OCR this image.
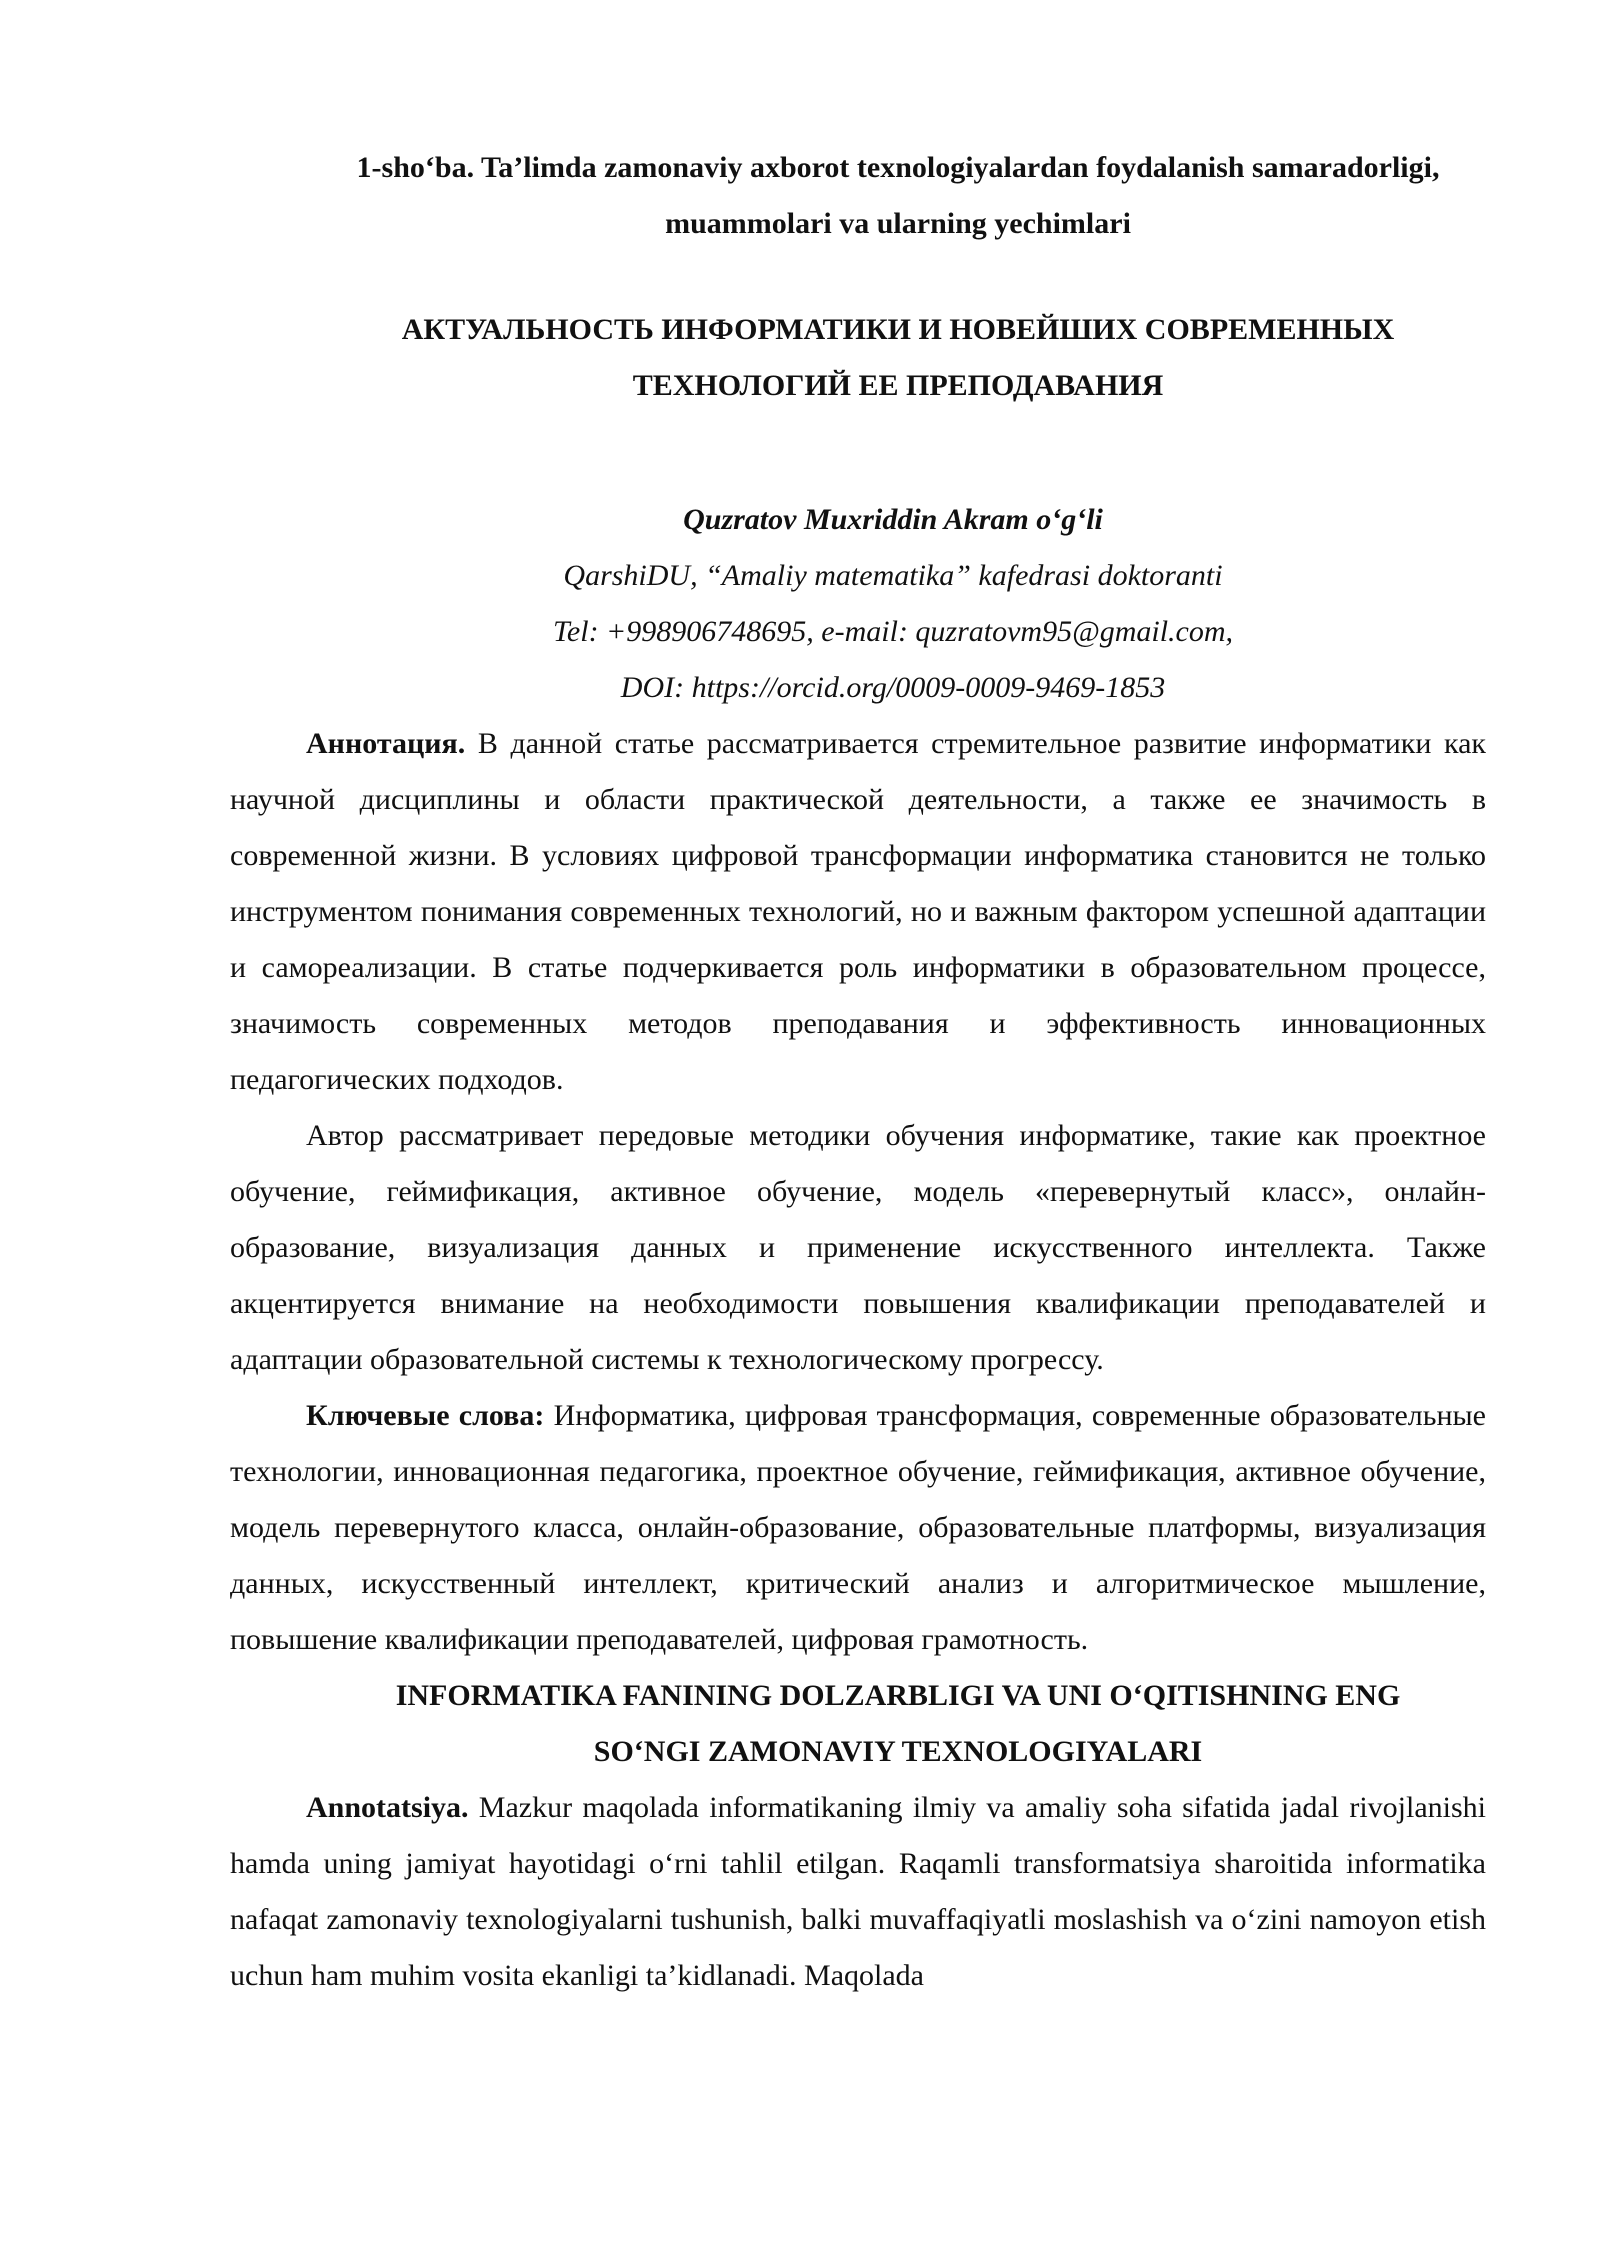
1-sho‘ba. Ta’limda zamonaviy axborot texnologiyalardan foydalanish samaradorligi,

muammolari va ularning yechimlari

АКТУАЛЬНОСТЬ ИНФОРМАТИКИ И НОВЕЙШИХ СОВРЕМЕННЫХ
ТЕХНОЛОГИЙ ЕЕ ПРЕПОДАВАНИЯ
Quzratov Muxriddin Akram o‘g‘li
QarshiDU, “Amaliy matematika” kafedrasi doktoranti
Tel: +998906748695, e-mail: quzratovm95@gmail.com,
DOI: https://orcid.org/0009-0009-9469-1853

Аннотация. В данной статье рассматривается стремительное развитие информатики как научной дисциплины и области практической деятельности, а также ее значимость в современной жизни. В условиях цифровой трансформации информатика становится не только инструментом понимания современных технологий, но и важным фактором успешной адаптации и самореализации. В статье подчеркивается роль информатики в образовательном процессе, значимость современных методов преподавания и эффективность инновационных педагогических подходов.

Автор рассматривает передовые методики обучения информатике, такие как проектное обучение, геймификация, активное обучение, модель «перевернутый класс», онлайн-образование, визуализация данных и применение искусственного интеллекта. Также акцентируется внимание на необходимости повышения квалификации преподавателей и адаптации образовательной системы к технологическому прогрессу.

Ключевые слова: Информатика, цифровая трансформация, современные образовательные технологии, инновационная педагогика, проектное обучение, геймификация, активное обучение, модель перевернутого класса, онлайн-образование, образовательные платформы, визуализация данных, искусственный интеллект, критический анализ и алгоритмическое мышление, повышение квалификации преподавателей, цифровая грамотность.

INFORMATIKA FANINING DOLZARBLIGI VA UNI O‘QITISHNING ENG
SO‘NGI ZAMONAVIY TEXNOLOGIYALARI

Annotatsiya. Mazkur maqolada informatikaning ilmiy va amaliy soha sifatida jadal rivojlanishi hamda uning jamiyat hayotidagi o‘rni tahlil etilgan. Raqamli transformatsiya sharoitida informatika nafaqat zamonaviy texnologiyalarni tushunish, balki muvaffaqiyatli moslashish va o‘zini namoyon etish uchun ham muhim vosita ekanligi ta’kidlanadi. Maqolada
